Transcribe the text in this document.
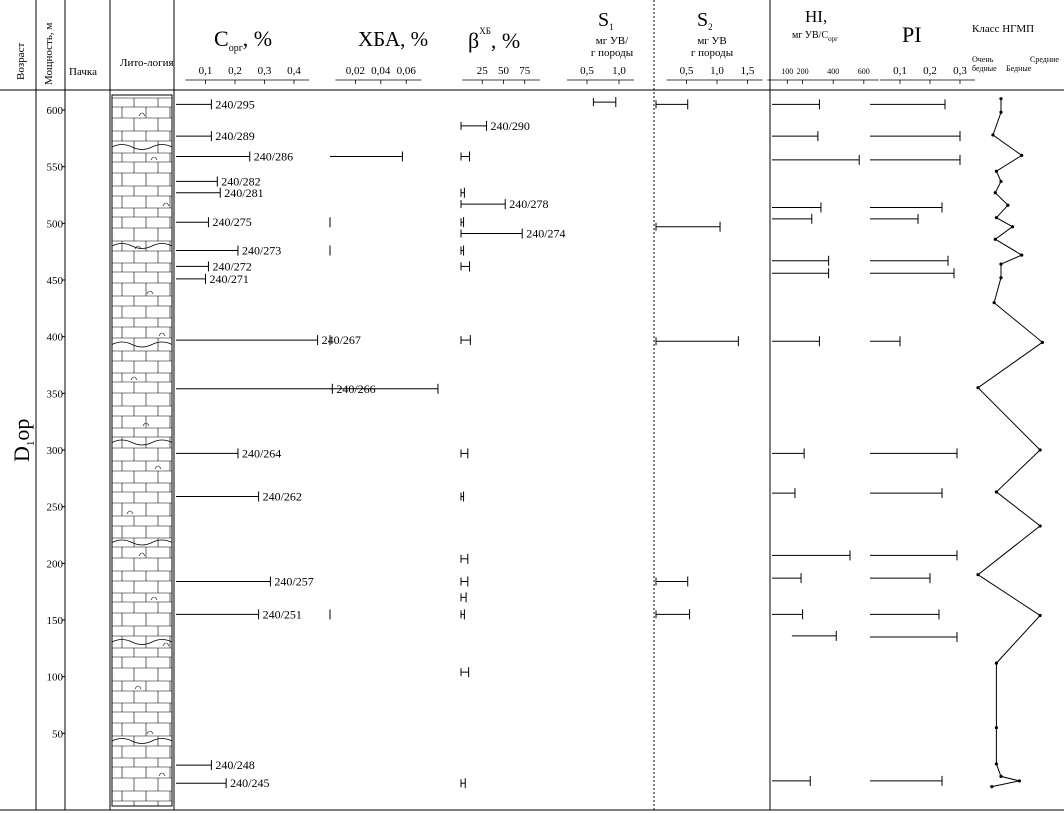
Возраст Мощность, м Пачка
Лито-логия
$C_{орг}$, %	ХБА, % $\beta^{ХБ}$, %
$S_1$
мг УВ/ г породы
$S_2$
мг УВ г породы
HI,
мг $УВ/С_{орг}$	PI	Класс НГМП
Очень бедные Бедные
Средние
$D_1ор$
600
550
500
450
400
350
300
250
200
150
100
50
0,1 0,2 0,3 0,4	0,02 0,04 0,06	25 50 75	0,5 1,0	0,5 1,0 1,5	100 200 400 600 0,1 0,2 0,3
240/295
240/289
240/286
240/282
240/281
240/275
240/273
240/272
240/271
240/267
240/266
240/264
240/262
240/257
240/251
240/248
240/245
240/290
240/278
240/274
